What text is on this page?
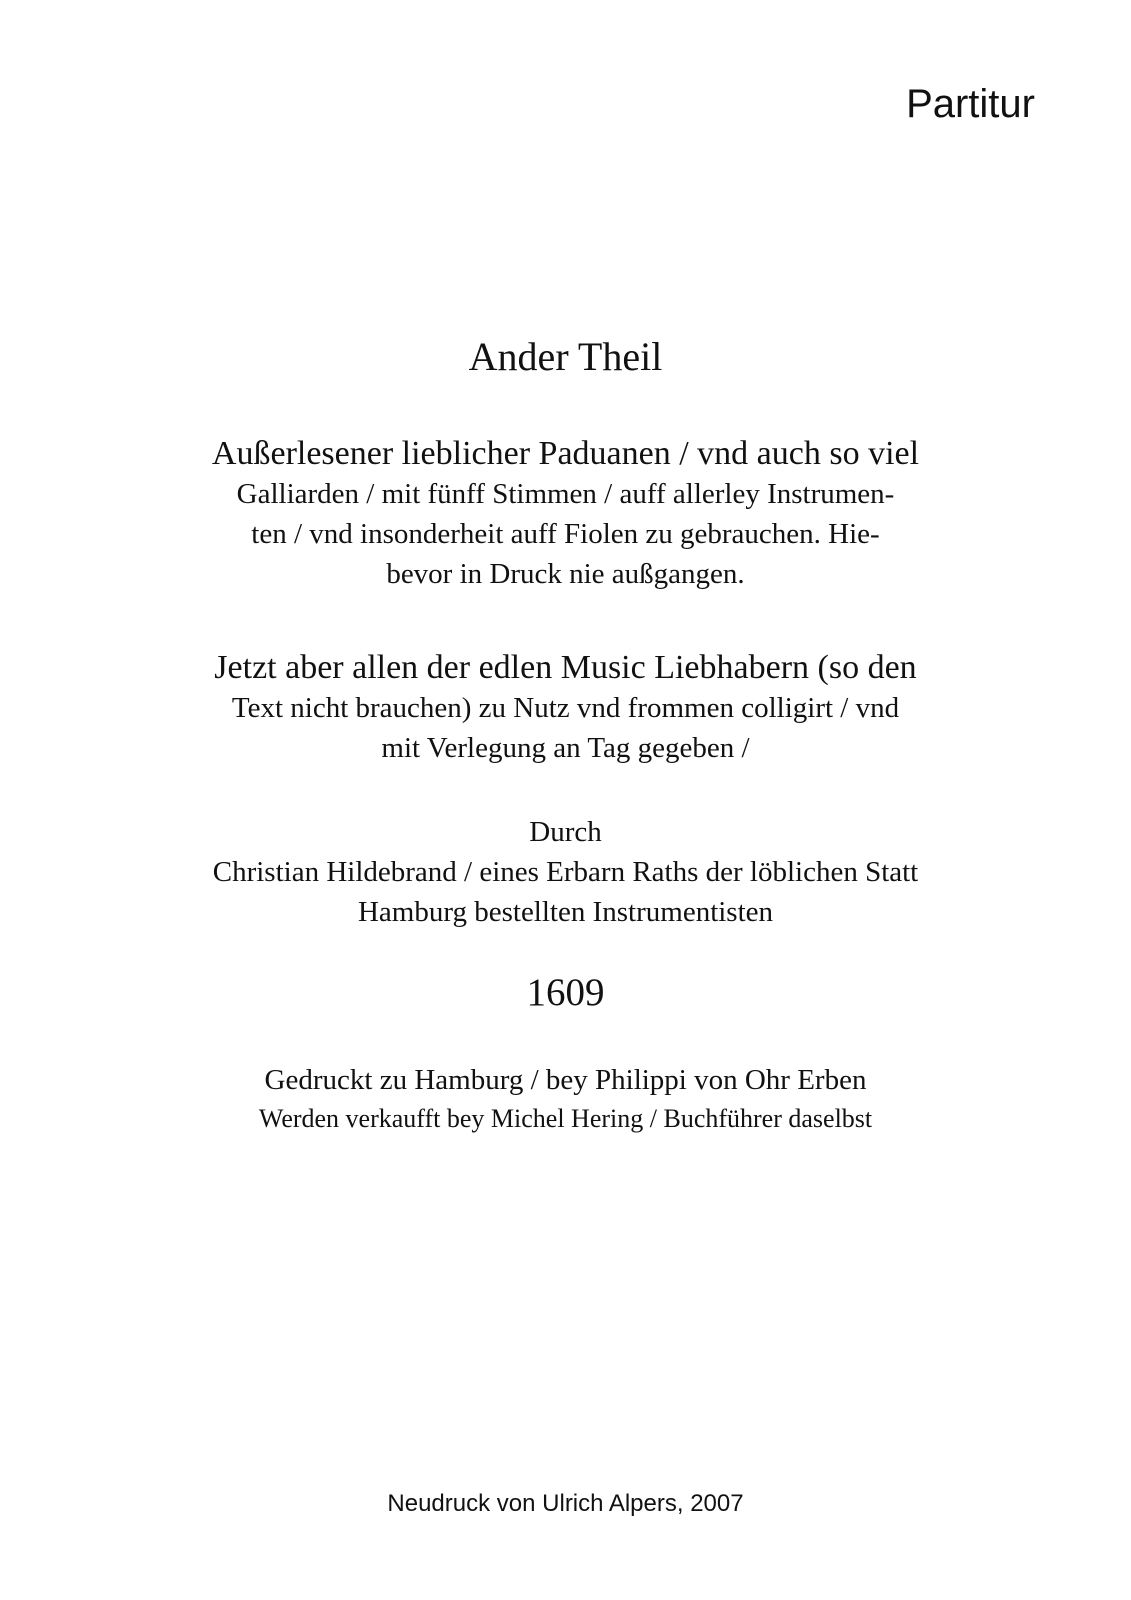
Partitur

Ander Theil
Außerlesener lieblicher Paduanen / vnd auch so viel
Galliarden / mit fünff Stimmen / auff allerley Instrumen-
ten / vnd insonderheit auff Fiolen zu gebrauchen. Hie-
bevor in Druck nie außgangen.
Jetzt aber allen der edlen Music Liebhabern (so den
Text nicht brauchen) zu Nutz vnd frommen colligirt / vnd
mit Verlegung an Tag gegeben /
Durch
Christian Hildebrand / eines Erbarn Raths der löblichen Statt
Hamburg bestellten Instrumentisten
1609
Gedruckt zu Hamburg / bey Philippi von Ohr Erben
Werden verkaufft bey Michel Hering / Buchführer daselbst

Neudruck von Ulrich Alpers, 2007
